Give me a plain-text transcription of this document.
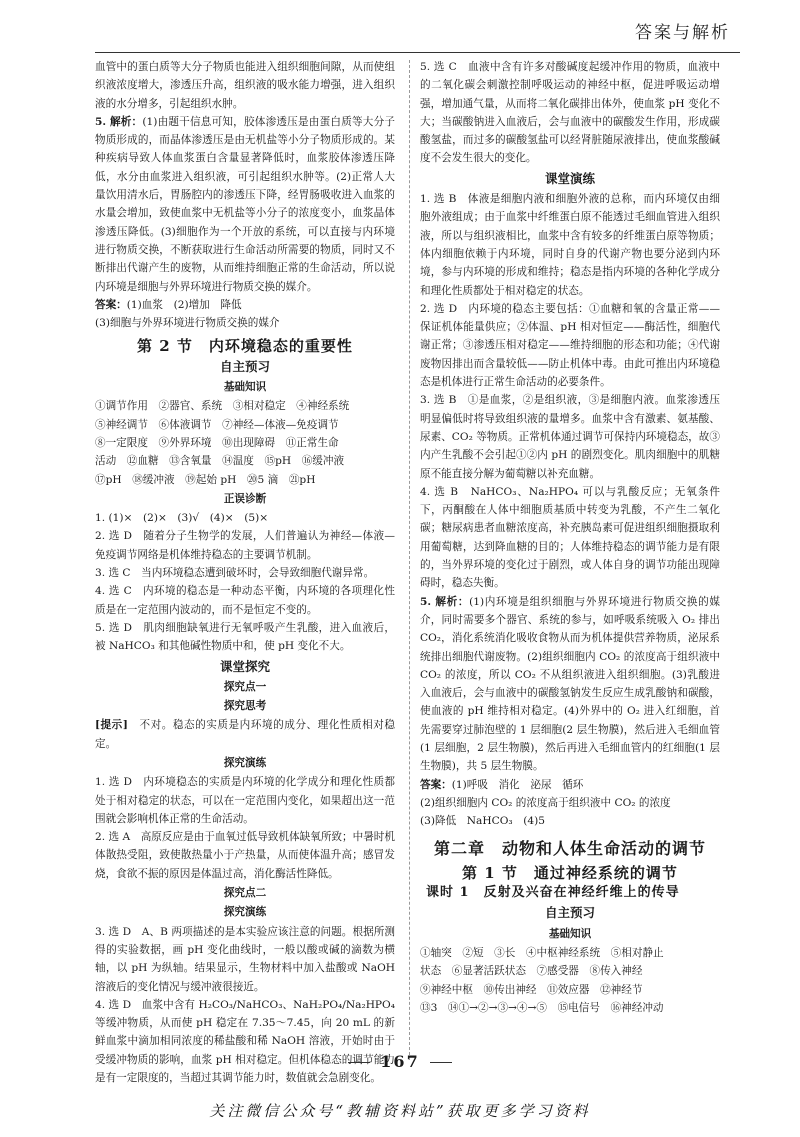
答案与解析

血管中的蛋白质等大分子物质也能进入组织细胞间隙，从而使组织液浓度增大，渗透压升高，组织液的吸水能力增强，进入组织液的水分增多，引起组织水肿。

5. 解析：(1)由题干信息可知，胶体渗透压是由蛋白质等大分子物质形成的，而晶体渗透压是由无机盐等小分子物质形成的。某种疾病导致人体血浆蛋白含量显著降低时，血浆胶体渗透压降低，水分由血浆进入组织液，可引起组织水肿等。(2)正常人大量饮用清水后，胃肠腔内的渗透压下降，经胃肠吸收进入血浆的水量会增加，致使血浆中无机盐等小分子的浓度变小，血浆晶体渗透压降低。(3)细胞作为一个开放的系统，可以直接与内环境进行物质交换，不断获取进行生命活动所需要的物质，同时又不断排出代谢产生的废物，从而维持细胞正常的生命活动，所以说内环境是细胞与外界环境进行物质交换的媒介。

答案：(1)血浆　(2)增加　降低

(3)细胞与外界环境进行物质交换的媒介

第 2 节　内环境稳态的重要性
自主预习
基础知识

①调节作用　②器官、系统　③相对稳定　④神经系统

⑤神经调节　⑥体液调节　⑦神经—体液—免疫调节

⑧一定限度　⑨外界环境　⑩出现障碍　⑪正常生命

活动　⑫血糖　⑬含氧量　⑭温度　⑮pH　⑯缓冲液

⑰pH　⑱缓冲液　⑲起始 pH　⑳5 滴　㉑pH

正误诊断

1. (1)×　(2)×　(3)√　(4)×　(5)×

2. 选 D　随着分子生物学的发展，人们普遍认为神经—体液—免疫调节网络是机体维持稳态的主要调节机制。

3. 选 C　当内环境稳态遭到破坏时，会导致细胞代谢异常。

4. 选 C　内环境的稳态是一种动态平衡，内环境的各项理化性质是在一定范围内波动的，而不是恒定不变的。

5. 选 D　肌肉细胞缺氧进行无氧呼吸产生乳酸，进入血液后，被 NaHCO₃ 和其他碱性物质中和，使 pH 变化不大。

课堂探究
探究点一
探究思考

[提示]　 不对。稳态的实质是内环境的成分、理化性质相对稳定。

探究演练

1. 选 D　内环境稳态的实质是内环境的化学成分和理化性质都处于相对稳定的状态，可以在一定范围内变化，如果超出这一范围就会影响机体正常的生命活动。

2. 选 A　高原反应是由于血氧过低导致机体缺氧所致；中暑时机体散热受阻，致使散热量小于产热量，从而使体温升高；感冒发烧，食欲不振的原因是体温过高，消化酶活性降低。

探究点二
探究演练

3. 选 D　A、B 两项描述的是本实验应该注意的问题。根据所测得的实验数据，画 pH 变化曲线时，一般以酸或碱的滴数为横轴，以 pH 为纵轴。结果显示，生物材料中加入盐酸或 NaOH 溶液后的变化情况与缓冲液很接近。

4. 选 D　血浆中含有 H₂CO₃/NaHCO₃、NaH₂PO₄/Na₂HPO₄ 等缓冲物质，从而使 pH 稳定在 7.35～7.45，向 20 mL 的新鲜血浆中滴加相同浓度的稀盐酸和稀 NaOH 溶液，开始时由于受缓冲物质的影响，血浆 pH 相对稳定。但机体稳态的调节能力是有一定限度的，当超过其调节能力时，数值就会急剧变化。

5. 选 C　血液中含有许多对酸碱度起缓冲作用的物质，血液中的二氧化碳会刺激控制呼吸运动的神经中枢，促进呼吸运动增强，增加通气量，从而将二氧化碳排出体外，使血浆 pH 变化不大；当碳酸钠进入血液后，会与血液中的碳酸发生作用，形成碳酸氢盐，而过多的碳酸氢盐可以经肾脏随尿液排出，使血浆酸碱度不会发生很大的变化。

课堂演练

1. 选 B　体液是细胞内液和细胞外液的总称，而内环境仅由细胞外液组成；由于血浆中纤维蛋白原不能透过毛细血管进入组织液，所以与组织液相比，血浆中含有较多的纤维蛋白原等物质；体内细胞依赖于内环境，同时自身的代谢产物也要分泌到内环境，参与内环境的形成和维持；稳态是指内环境的各种化学成分和理化性质都处于相对稳定的状态。

2. 选 D　内环境的稳态主要包括：①血糖和氧的含量正常——保证机体能量供应；②体温、pH 相对恒定——酶活性，细胞代谢正常；③渗透压相对稳定——维持细胞的形态和功能；④代谢废物因排出而含量较低——防止机体中毒。由此可推出内环境稳态是机体进行正常生命活动的必要条件。

3. 选 B　①是血浆，②是组织液，③是细胞内液。血浆渗透压明显偏低时将导致组织液的量增多。血浆中含有激素、氨基酸、尿素、CO₂ 等物质。正常机体通过调节可保持内环境稳态，故③内产生乳酸不会引起①②内 pH 的剧烈变化。肌肉细胞中的肌糖原不能直接分解为葡萄糖以补充血糖。

4. 选 B　NaHCO₃、Na₂HPO₄ 可以与乳酸反应；无氧条件下，丙酮酸在人体中细胞质基质中转变为乳酸，不产生二氧化碳；糖尿病患者血糖浓度高，补充胰岛素可促进组织细胞摄取利用葡萄糖，达到降血糖的目的；人体维持稳态的调节能力是有限的，当外界环境的变化过于剧烈，或人体自身的调节功能出现障碍时，稳态失衡。

5. 解析：(1)内环境是组织细胞与外界环境进行物质交换的媒介，同时需要多个器官、系统的参与，如呼吸系统吸入 O₂ 排出 CO₂，消化系统消化吸收食物从而为机体提供营养物质，泌尿系统排出细胞代谢废物。(2)组织细胞内 CO₂ 的浓度高于组织液中 CO₂ 的浓度，所以 CO₂ 不从组织液进入组织细胞。(3)乳酸进入血液后，会与血液中的碳酸氢钠发生反应生成乳酸钠和碳酸，使血液的 pH 维持相对稳定。(4)外界中的 O₂ 进入红细胞，首先需要穿过肺泡壁的 1 层细胞(2 层生物膜)，然后进入毛细血管(1 层细胞，2 层生物膜)，然后再进入毛细血管内的红细胞(1 层生物膜)，共 5 层生物膜。

答案：(1)呼吸　消化　泌尿　循环

(2)组织细胞内 CO₂ 的浓度高于组织液中 CO₂ 的浓度

(3)降低　NaHCO₃　(4)5

第二章　动物和人体生命活动的调节
第 1 节　通过神经系统的调节
课时 1　反射及兴奋在神经纤维上的传导
自主预习
基础知识

①轴突　②短　③长　④中枢神经系统　⑤相对静止

状态　⑥显著活跃状态　⑦感受器　⑧传入神经

⑨神经中枢　⑩传出神经　⑪效应器　⑫神经节

⑬3　⑭①→②→③→④→⑤　⑮电信号　⑯神经冲动

167
关注微信公众号“教辅资料站”获取更多学习资料
